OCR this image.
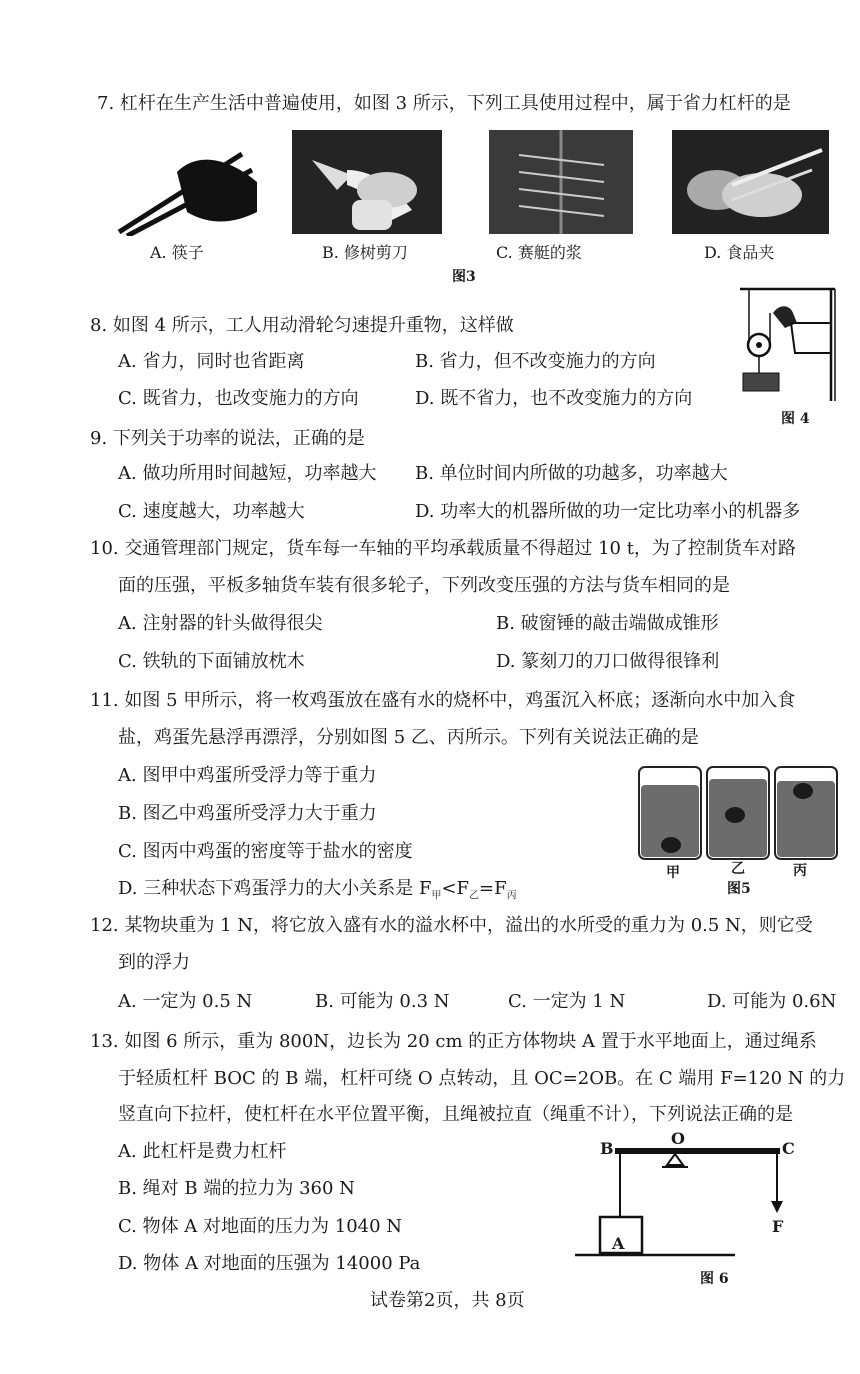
7. 杠杆在生产生活中普遍使用，如图 3 所示，下列工具使用过程中，属于省力杠杆的是
A. 筷子	B. 修树剪刀	C. 赛艇的浆	D. 食品夹
图3
8. 如图 4 所示，工人用动滑轮匀速提升重物，这样做
A. 省力，同时也省距离	B. 省力，但不改变施力的方向
C. 既省力，也改变施力的方向	D. 既不省力，也不改变施力的方向
图 4
9. 下列关于功率的说法，正确的是
A. 做功所用时间越短，功率越大 B. 单位时间内所做的功越多，功率越大
C. 速度越大，功率越大	D. 功率大的机器所做的功一定比功率小的机器多
10. 交通管理部门规定，货车每一车轴的平均承载质量不得超过 10 t，为了控制货车对路
面的压强，平板多轴货车装有很多轮子，下列改变压强的方法与货车相同的是
A. 注射器的针头做得很尖	B. 破窗锤的敲击端做成锥形
C. 铁轨的下面铺放枕木	D. 篆刻刀的刀口做得很锋利
11. 如图 5 甲所示，将一枚鸡蛋放在盛有水的烧杯中，鸡蛋沉入杯底；逐渐向水中加入食
盐，鸡蛋先悬浮再漂浮，分别如图 5 乙、丙所示。下列有关说法正确的是
A. 图甲中鸡蛋所受浮力等于重力
B. 图乙中鸡蛋所受浮力大于重力
C. 图丙中鸡蛋的密度等于盐水的密度
D. 三种状态下鸡蛋浮力的大小关系是 $F_甲<F_乙=F_丙$
甲	乙	丙
图5
12. 某物块重为 1 N，将它放入盛有水的溢水杯中，溢出的水所受的重力为 0.5 N，则它受
到的浮力
A. 一定为 0.5 N	B. 可能为 0.3 N	C. 一定为 1 N	D. 可能为 0.6N
13. 如图 6 所示，重为 800N，边长为 20 cm 的正方体物块 A 置于水平地面上，通过绳系
于轻质杠杆 BOC 的 B 端，杠杆可绕 O 点转动，且 OC=2OB。在 C 端用 F=120 N 的力
竖直向下拉杆，使杠杆在水平位置平衡，且绳被拉直（绳重不计），下列说法正确的是
A. 此杠杆是费力杠杆
B. 绳对 B 端的拉力为 360 N
C. 物体 A 对地面的压力为 1040 N
D. 物体 A 对地面的压强为 14000 Pa
B
O
C
F
A
图 6
试卷第2页，共 8页
